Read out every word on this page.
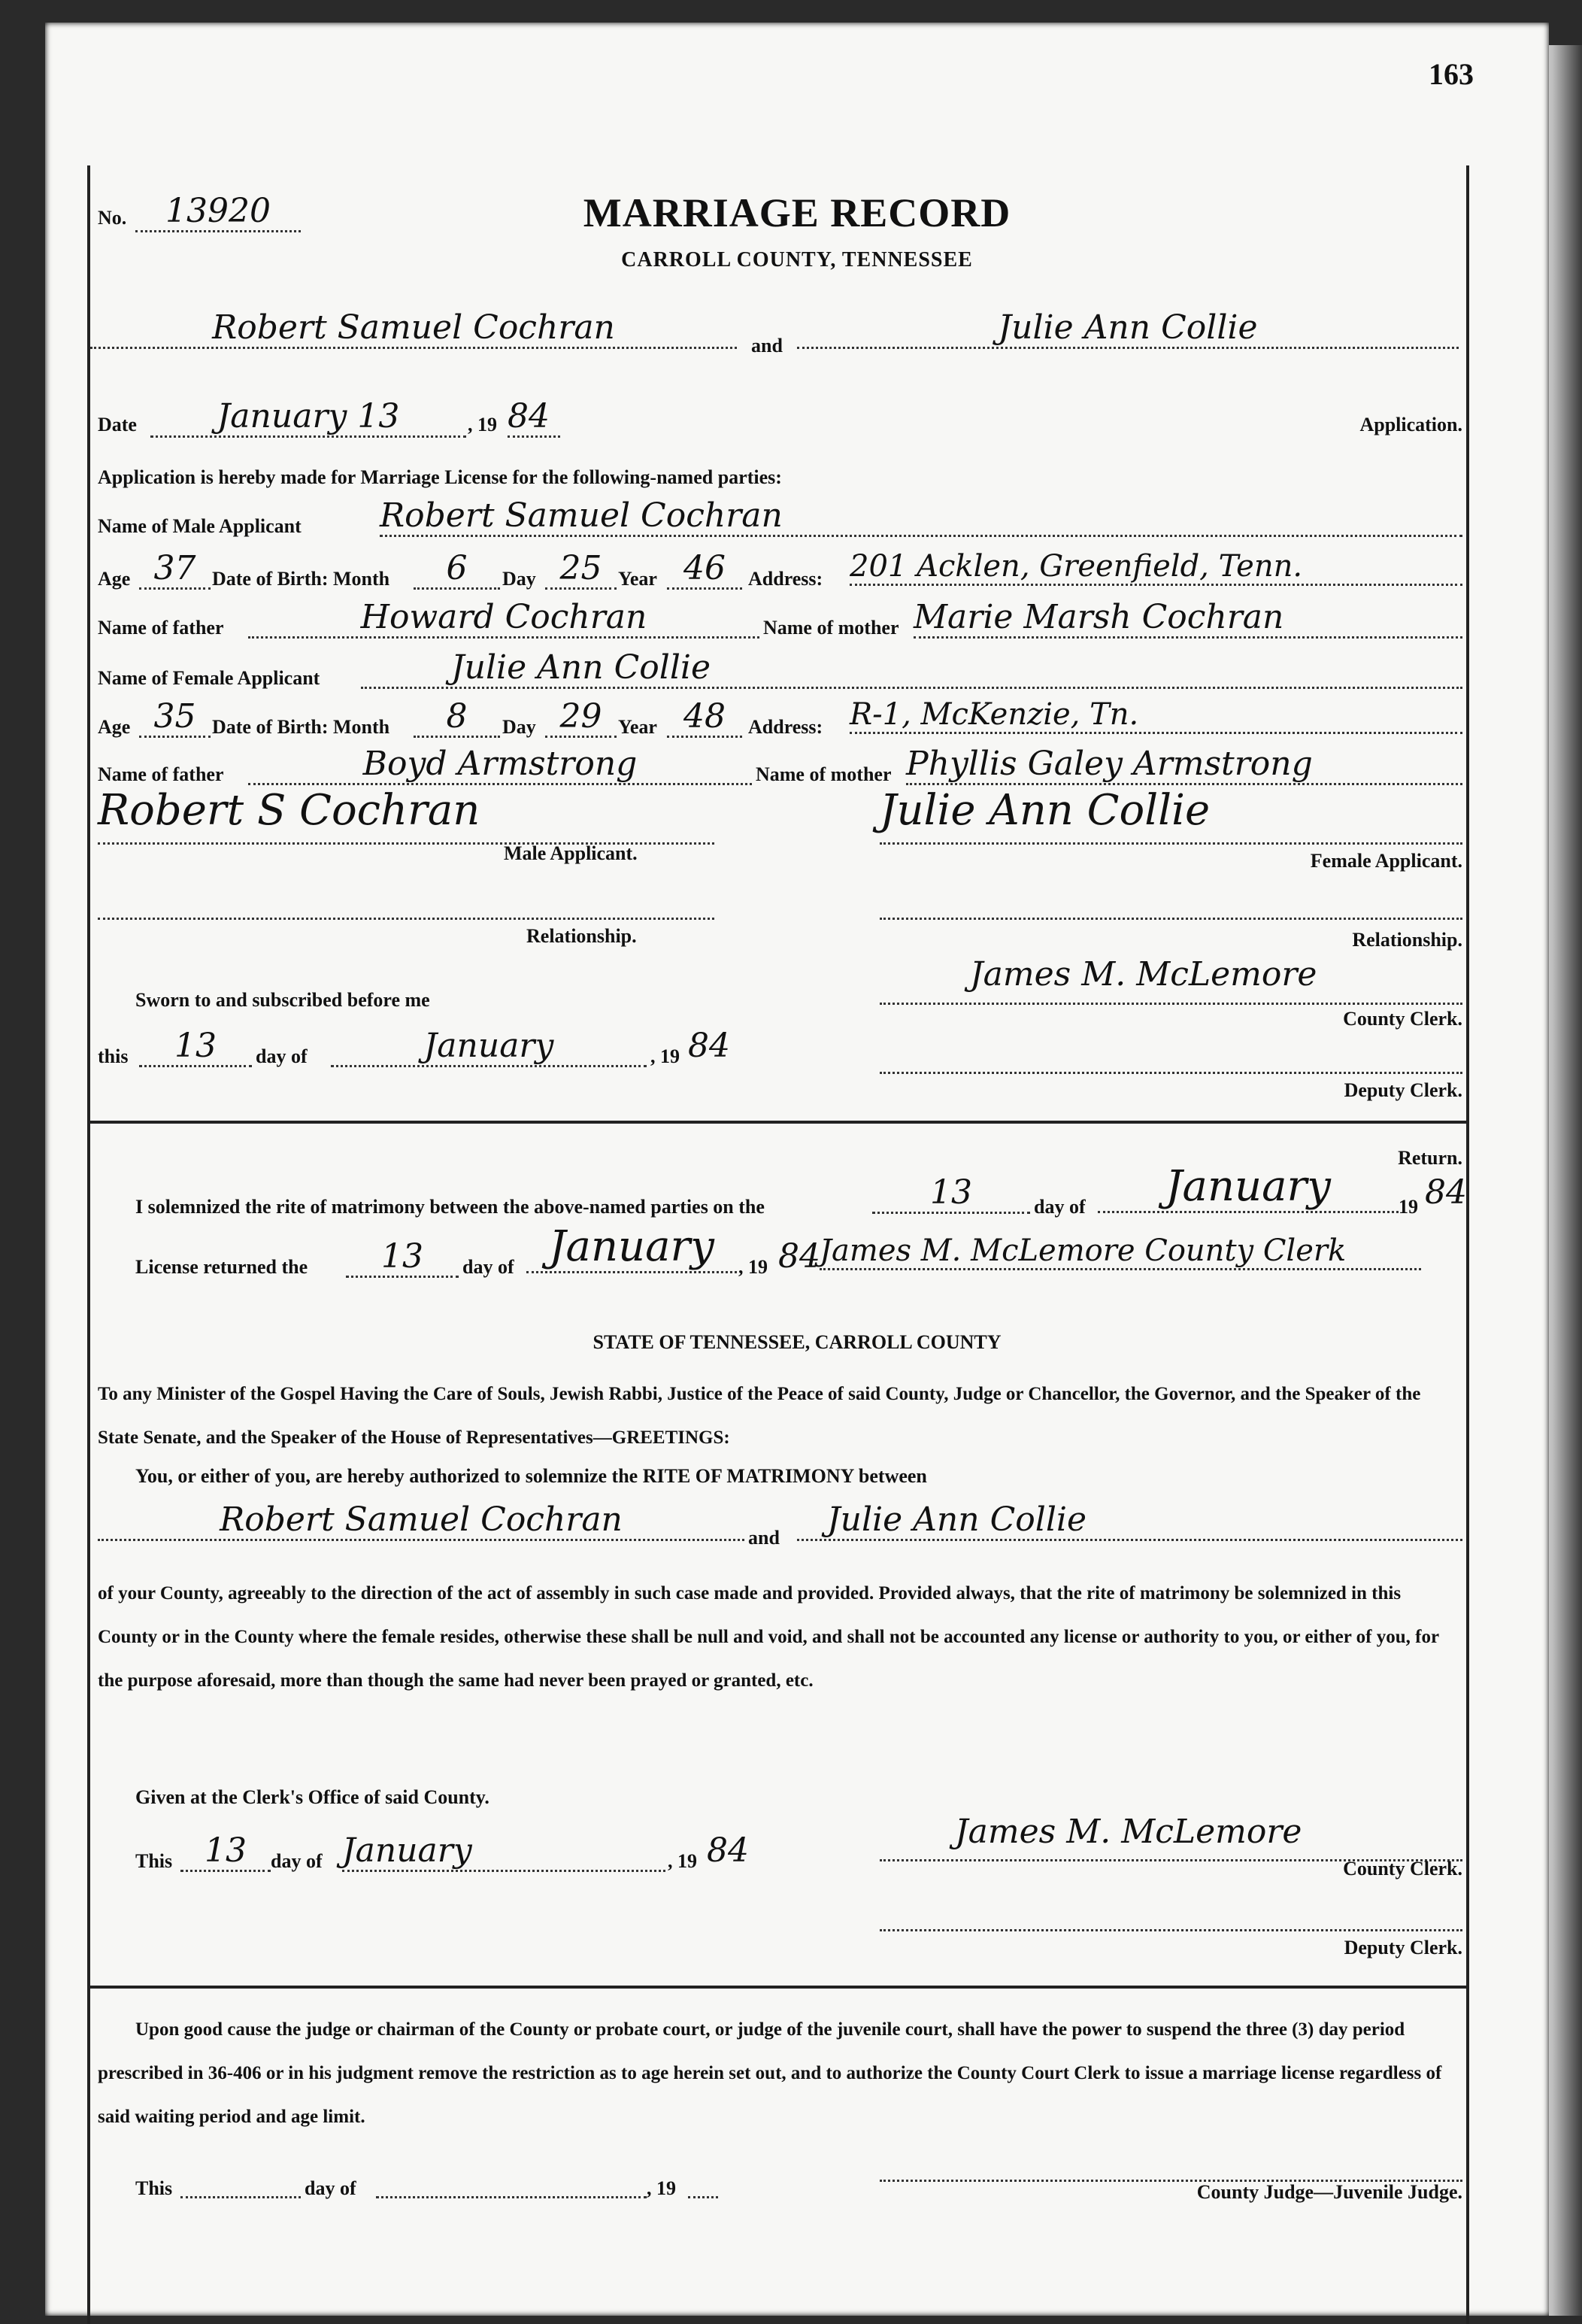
163
No.	13920	MARRIAGE RECORD
CARROLL COUNTY, TENNESSEE
Robert Samuel Cochran	and	Julie Ann Collie
Date	January 13	, 19 84	Application.
Application is hereby made for Marriage License for the following-named parties:
Name of Male Applicant Robert Samuel Cochran
Age 37 Date of Birth: Month	6	Day 25 Year 46	Address: 201 Acklen, Greenfield, Tenn.
Name of father	Howard Cochran	Name of mother Marie Marsh Cochran
Name of Female Applicant	Julie Ann Collie
Age 35 Date of Birth: Month	8	Day 29 Year 48	Address: R-1, McKenzie, Tn.
Name of father	Boyd Armstrong	Name of mother Phyllis Galey Armstrong
Robert S Cochran
Male Applicant.
Julie Ann Collie
Female Applicant.
Relationship.	Relationship.
Sworn to and subscribed before me
James M. McLemore
County Clerk.
this	13	day of	January	, 19 84
Deputy Clerk.
Return.
I solemnized the rite of matrimony between the above-named parties on the	13	day of	January	19 84
License returned the	13	day of January	, 19 84 James M. McLemore County Clerk
STATE OF TENNESSEE, CARROLL COUNTY
To any Minister of the Gospel Having the Care of Souls, Jewish Rabbi, Justice of the Peace of said County, Judge or Chancellor, the Governor, and the Speaker of the State Senate, and the Speaker of the House of Representatives—GREETINGS:
You, or either of you, are hereby authorized to solemnize the RITE OF MATRIMONY between
Robert Samuel Cochran	and	Julie Ann Collie
of your County, agreeably to the direction of the act of assembly in such case made and provided. Provided always, that the rite of matrimony be solemnized in this County or in the County where the female resides, otherwise these shall be null and void, and shall not be accounted any license or authority to you, or either of you, for the purpose aforesaid, more than though the same had never been prayed or granted, etc.
Given at the Clerk's Office of said County.
This 13	day of January	, 19 84	James M. McLemore
County Clerk.
Deputy Clerk.
Upon good cause the judge or chairman of the County or probate court, or judge of the juvenile court, shall have the power to suspend the three (3) day period prescribed in 36-406 or in his judgment remove the restriction as to age herein set out, and to authorize the County Court Clerk to issue a marriage license regardless of said waiting period and age limit.
This	day of	, 19	County Judge—Juvenile Judge.
